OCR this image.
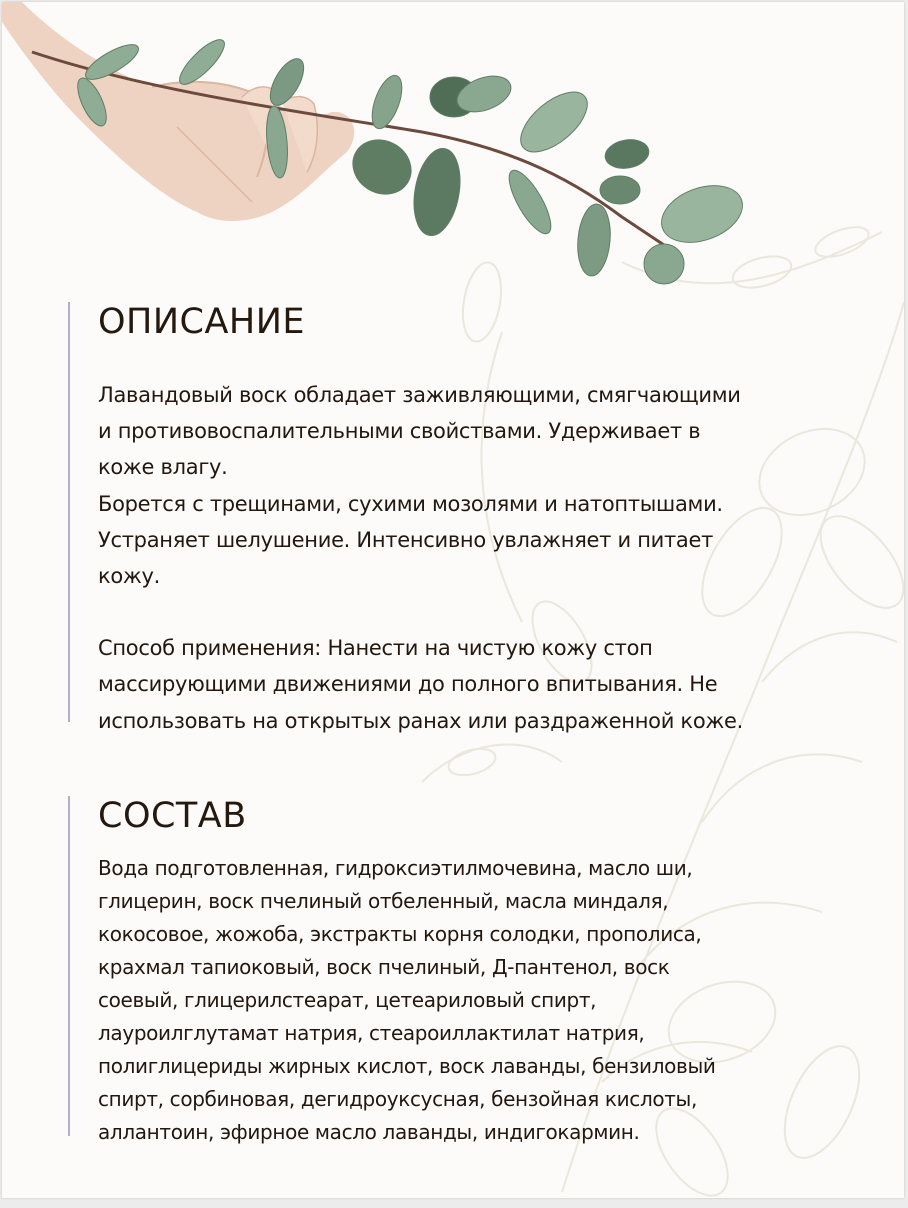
ОПИСАНИЕ
Лавандовый воск обладает заживляющими, смягчающими
и противовоспалительными свойствами. Удерживает в
коже влагу.
Борется с трещинами, сухими мозолями и натоптышами.
Устраняет шелушение. Интенсивно увлажняет и питает
кожу.
Способ применения: Нанести на чистую кожу стоп
массирующими движениями до полного впитывания. Не
использовать на открытых ранах или раздраженной коже.
СОСТАВ
Вода подготовленная, гидроксиэтилмочевина, масло ши,
глицерин, воск пчелиный отбеленный, масла миндаля,
кокосовое, жожоба, экстракты корня солодки, прополиса,
крахмал тапиоковый, воск пчелиный, Д-пантенол, воск
соевый, глицерилстеарат, цетеариловый спирт,
лауроилглутамат натрия, стеароиллактилат натрия,
полиглицериды жирных кислот, воск лаванды, бензиловый
спирт, сорбиновая, дегидроуксусная, бензойная кислоты,
аллантоин, эфирное масло лаванды, индигокармин.
